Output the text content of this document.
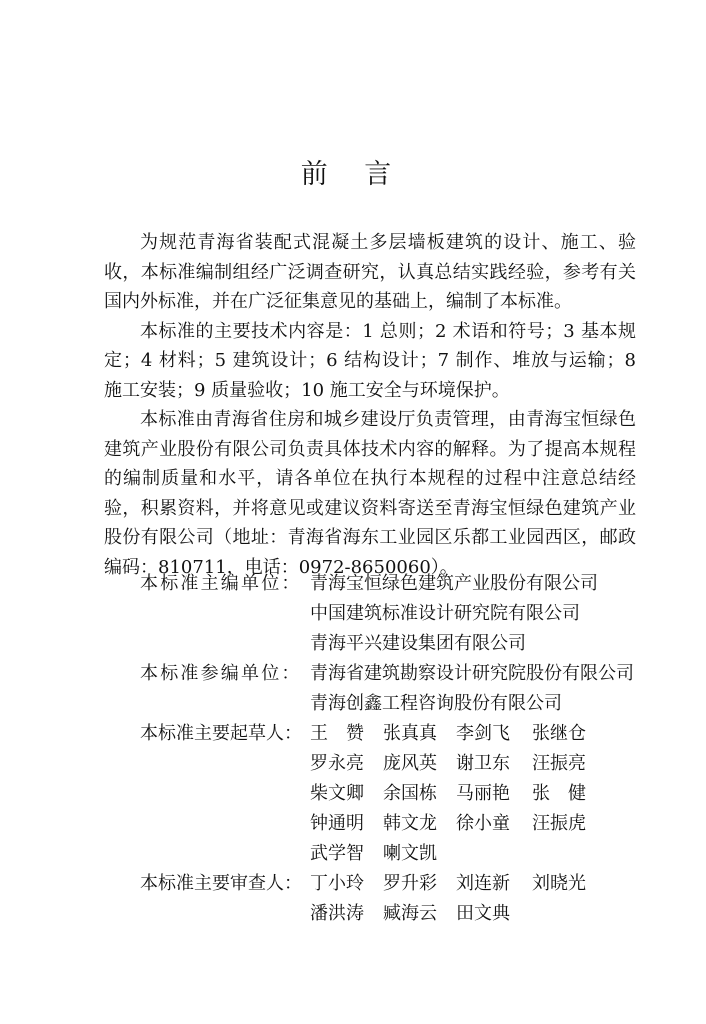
前 言

为规范青海省装配式混凝土多层墙板建筑的设计、施工、验收，本标准编制组经广泛调查研究，认真总结实践经验，参考有关国内外标准，并在广泛征集意见的基础上，编制了本标准。

本标准的主要技术内容是：1 总则；2 术语和符号；3 基本规定；4 材料；5 建筑设计；6 结构设计；7 制作、堆放与运输；8 施工安装；9 质量验收；10 施工安全与环境保护。

本标准由青海省住房和城乡建设厅负责管理，由青海宝恒绿色建筑产业股份有限公司负责具体技术内容的解释。为了提高本规程的编制质量和水平，请各单位在执行本规程的过程中注意总结经验，积累资料，并将意见或建议资料寄送至青海宝恒绿色建筑产业股份有限公司（地址：青海省海东工业园区乐都工业园西区，邮政编码：810711，电话：0972-8650060）。

本标准主编单位： 青海宝恒绿色建筑产业股份有限公司
中国建筑标准设计研究院有限公司
青海平兴建设集团有限公司
本标准参编单位： 青海省建筑勘察设计研究院股份有限公司
青海创鑫工程咨询股份有限公司
本标准主要起草人： 王　赞	张真真	李剑飞	张继仓
罗永亮	庞风英	谢卫东	汪振亮
柴文卿	余国栋	马丽艳	张　健
钟通明	韩文龙	徐小童	汪振虎
武学智	喇文凯
本标准主要审查人： 丁小玲	罗升彩	刘连新	刘晓光
潘洪涛	臧海云	田文典
